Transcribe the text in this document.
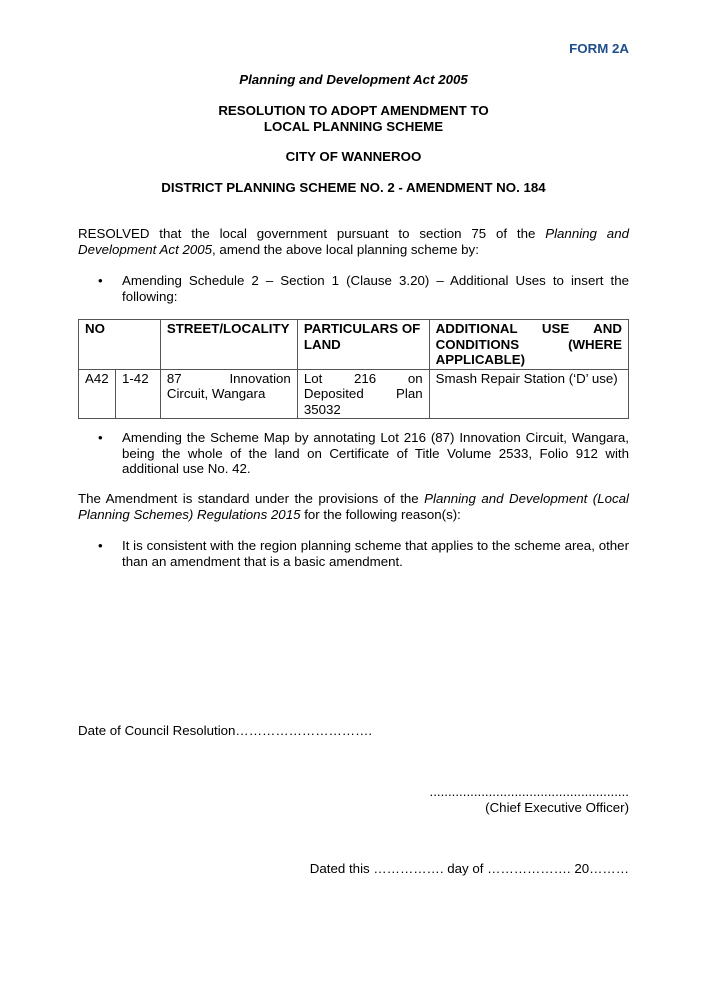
FORM 2A
Planning and Development Act 2005
RESOLUTION TO ADOPT AMENDMENT TO
LOCAL PLANNING SCHEME
CITY OF WANNEROO
DISTRICT PLANNING SCHEME NO. 2 - AMENDMENT NO. 184
RESOLVED that the local government pursuant to section 75 of the Planning and Development Act 2005, amend the above local planning scheme by:
• Amending Schedule 2 – Section 1 (Clause 3.20) – Additional Uses to insert the following:
NO		STREET/LOCALITY	PARTICULARS OF LAND	ADDITIONAL USE AND CONDITIONS (WHERE APPLICABLE)
A42	1-42	87 Innovation Circuit, Wangara	Lot 216 on Deposited Plan 35032	Smash Repair Station (‘D’ use)
• Amending the Scheme Map by annotating Lot 216 (87) Innovation Circuit, Wangara, being the whole of the land on Certificate of Title Volume 2533, Folio 912 with additional use No. 42.
The Amendment is standard under the provisions of the Planning and Development (Local Planning Schemes) Regulations 2015 for the following reason(s):
• It is consistent with the region planning scheme that applies to the scheme area, other than an amendment that is a basic amendment.
Date of Council Resolution………………………….
......................................................
(Chief Executive Officer)
Dated this ……………. day of ………………. 20………
